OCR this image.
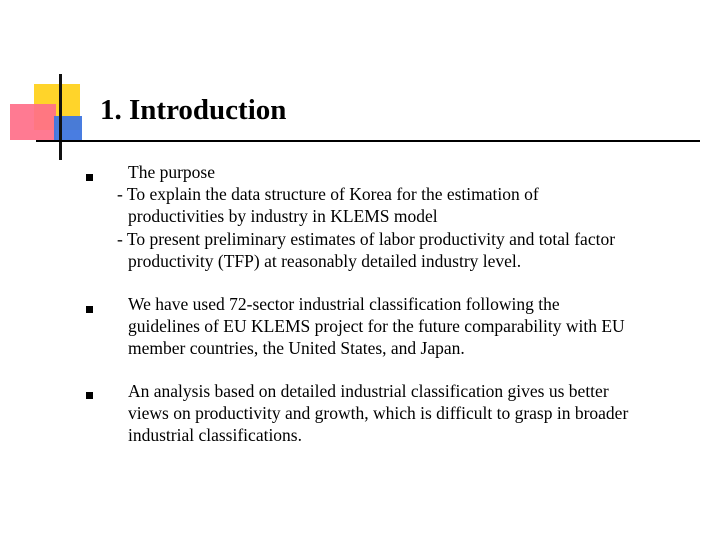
1. Introduction
The purpose
- To explain the data structure of Korea for the estimation of
productivities by industry in KLEMS model
- To present preliminary estimates of labor productivity and total factor
productivity (TFP) at reasonably detailed industry level.
We have used 72-sector industrial classification following the
guidelines of EU KLEMS project for the future comparability with EU
member countries, the United States, and Japan.
An analysis based on detailed industrial classification gives us better
views on productivity and growth, which is difficult to grasp in broader
industrial classifications.
